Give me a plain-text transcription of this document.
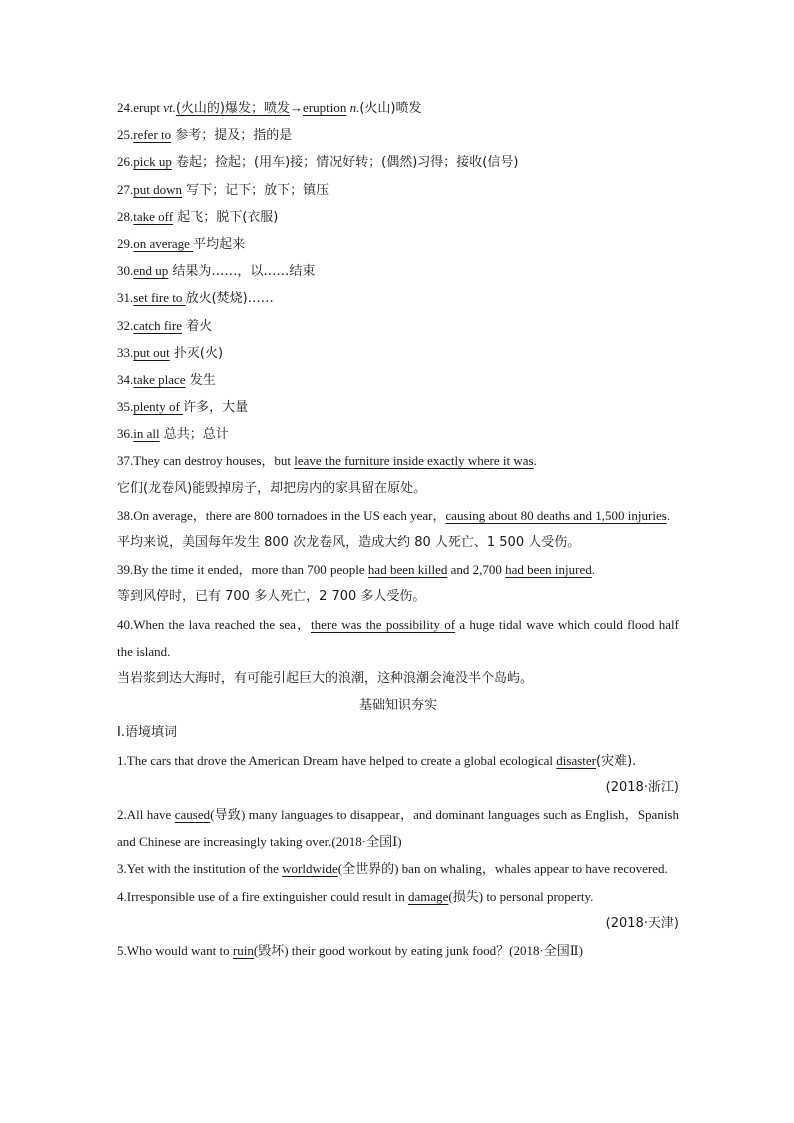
24.erupt vt.(火山的)爆发；喷发→eruption n.(火山)喷发
25.refer to 参考；提及；指的是
26.pick up 卷起；捡起；(用车)接；情况好转；(偶然)习得；接收(信号)
27.put down 写下；记下；放下；镇压
28.take off 起飞；脱下(衣服)
29.on average 平均起来
30.end up 结果为……，以……结束
31.set fire to 放火(焚烧)……
32.catch fire 着火
33.put out 扑灭(火)
34.take place 发生
35.plenty of 许多，大量
36.in all 总共；总计
37.They can destroy houses，but leave the furniture inside exactly where it was.
它们(龙卷风)能毁掉房子，却把房内的家具留在原处。
38.On average，there are 800 tornadoes in the US each year，causing about 80 deaths and 1,500 injuries.
平均来说，美国每年发生 800 次龙卷风，造成大约 80 人死亡、1 500 人受伤。
39.By the time it ended，more than 700 people had been killed and 2,700 had been injured.
等到风停时，已有 700 多人死亡，2 700 多人受伤。
40.When the lava reached the sea，there was the possibility of a huge tidal wave which could flood half the island.
当岩浆到达大海时，有可能引起巨大的浪潮，这种浪潮会淹没半个岛屿。
基础知识夯实
Ⅰ.语境填词
1.The cars that drove the American Dream have helped to create a global ecological disaster(灾难).
(2018·浙江)
2.All have caused(导致) many languages to disappear，and dominant languages such as English，Spanish and Chinese are increasingly taking over.(2018·全国Ⅰ)
3.Yet with the institution of the worldwide(全世界的) ban on whaling，whales appear to have recovered.
4.Irresponsible use of a fire extinguisher could result in damage(损失) to personal property.
(2018·天津)
5.Who would want to ruin(毁坏) their good workout by eating junk food？(2018·全国Ⅱ)
